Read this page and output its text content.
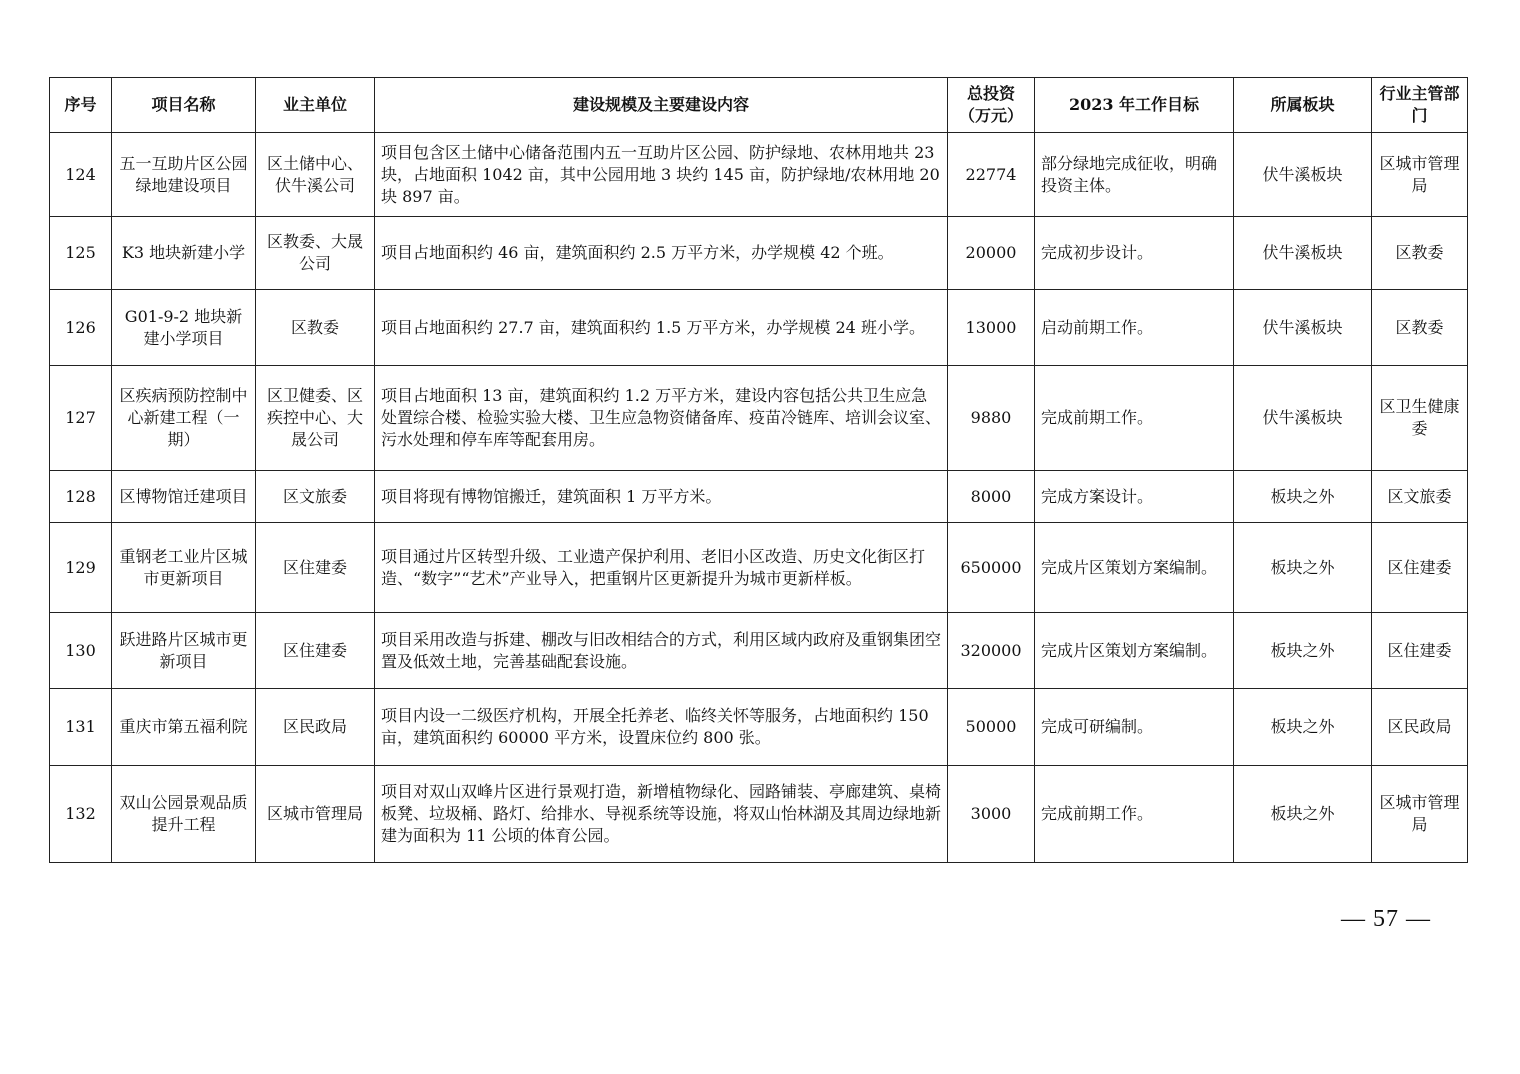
序号	项目名称	业主单位	建设规模及主要建设内容	总投资（万元）	2023 年工作目标	所属板块	行业主管部门
124	五一互助片区公园绿地建设项目	区土储中心、伏牛溪公司	项目包含区土储中心储备范围内五一互助片区公园、防护绿地、农林用地共 23 块，占地面积 1042 亩，其中公园用地 3 块约 145 亩，防护绿地/农林用地 20 块 897 亩。	22774	部分绿地完成征收，明确投资主体。	伏牛溪板块	区城市管理局
125	K3 地块新建小学	区教委、大晟公司	项目占地面积约 46 亩，建筑面积约 2.5 万平方米，办学规模 42 个班。	20000	完成初步设计。	伏牛溪板块	区教委
126	G01-9-2 地块新建小学项目	区教委	项目占地面积约 27.7 亩，建筑面积约 1.5 万平方米，办学规模 24 班小学。	13000	启动前期工作。	伏牛溪板块	区教委
127	区疾病预防控制中心新建工程（一期）	区卫健委、区疾控中心、大晟公司	项目占地面积 13 亩，建筑面积约 1.2 万平方米，建设内容包括公共卫生应急处置综合楼、检验实验大楼、卫生应急物资储备库、疫苗冷链库、培训会议室、污水处理和停车库等配套用房。	9880	完成前期工作。	伏牛溪板块	区卫生健康委
128	区博物馆迁建项目	区文旅委	项目将现有博物馆搬迁，建筑面积 1 万平方米。	8000	完成方案设计。	板块之外	区文旅委
129	重钢老工业片区城市更新项目	区住建委	项目通过片区转型升级、工业遗产保护利用、老旧小区改造、历史文化街区打造、“数字”“艺术”产业导入，把重钢片区更新提升为城市更新样板。	650000	完成片区策划方案编制。	板块之外	区住建委
130	跃进路片区城市更新项目	区住建委	项目采用改造与拆建、棚改与旧改相结合的方式，利用区域内政府及重钢集团空置及低效土地，完善基础配套设施。	320000	完成片区策划方案编制。	板块之外	区住建委
131	重庆市第五福利院	区民政局	项目内设一二级医疗机构，开展全托养老、临终关怀等服务，占地面积约 150 亩，建筑面积约 60000 平方米，设置床位约 800 张。	50000	完成可研编制。	板块之外	区民政局
132	双山公园景观品质提升工程	区城市管理局	项目对双山双峰片区进行景观打造，新增植物绿化、园路铺装、亭廊建筑、桌椅板凳、垃圾桶、路灯、给排水、导视系统等设施，将双山怡林湖及其周边绿地新建为面积为 11 公顷的体育公园。	3000	完成前期工作。	板块之外	区城市管理局
— 57 —
